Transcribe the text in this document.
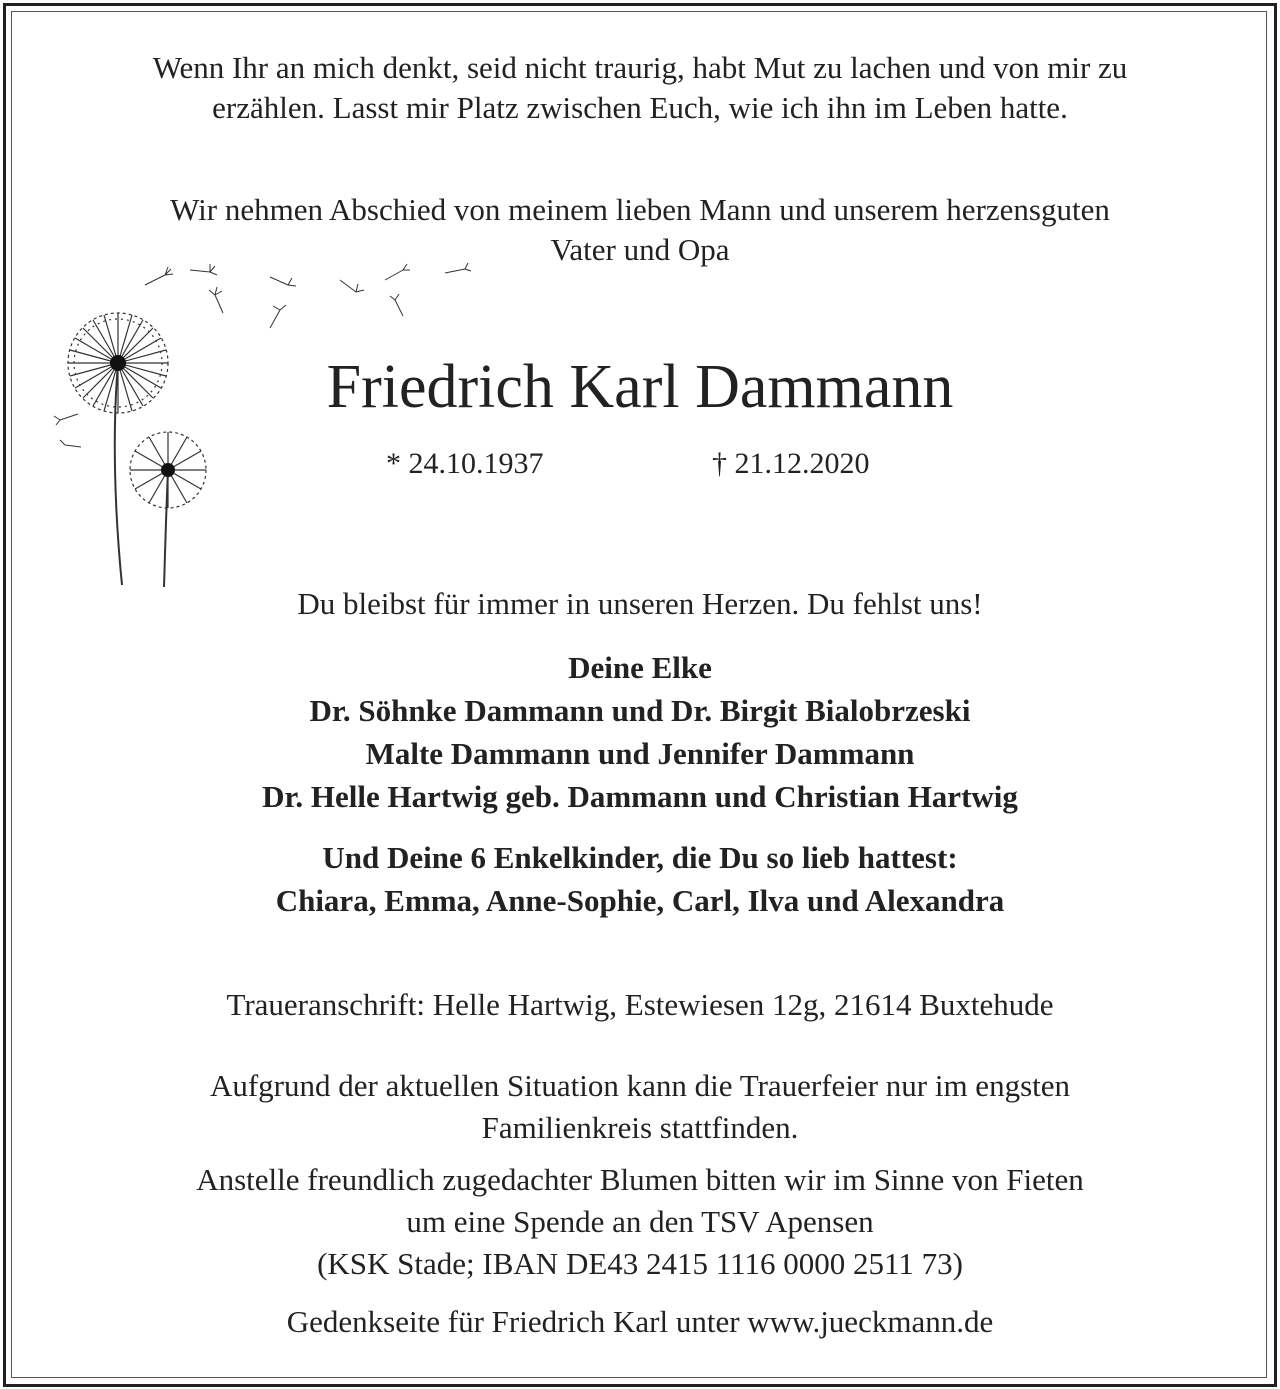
Wenn Ihr an mich denkt, seid nicht traurig, habt Mut zu lachen und von mir zu
erzählen. Lasst mir Platz zwischen Euch, wie ich ihn im Leben hatte.
Wir nehmen Abschied von meinem lieben Mann und unserem herzensguten
Vater und Opa
Friedrich Karl Dammann
* 24.10.1937	† 21.12.2020
Du bleibst für immer in unseren Herzen. Du fehlst uns!
Deine Elke
Dr. Söhnke Dammann und Dr. Birgit Bialobrzeski
Malte Dammann und Jennifer Dammann
Dr. Helle Hartwig geb. Dammann und Christian Hartwig
Und Deine 6 Enkelkinder, die Du so lieb hattest:
Chiara, Emma, Anne-Sophie, Carl, Ilva und Alexandra
Traueranschrift: Helle Hartwig, Estewiesen 12g, 21614 Buxtehude
Aufgrund der aktuellen Situation kann die Trauerfeier nur im engsten
Familienkreis stattfinden.
Anstelle freundlich zugedachter Blumen bitten wir im Sinne von Fieten
um eine Spende an den TSV Apensen
(KSK Stade; IBAN DE43 2415 1116 0000 2511 73)
Gedenkseite für Friedrich Karl unter www.jueckmann.de
